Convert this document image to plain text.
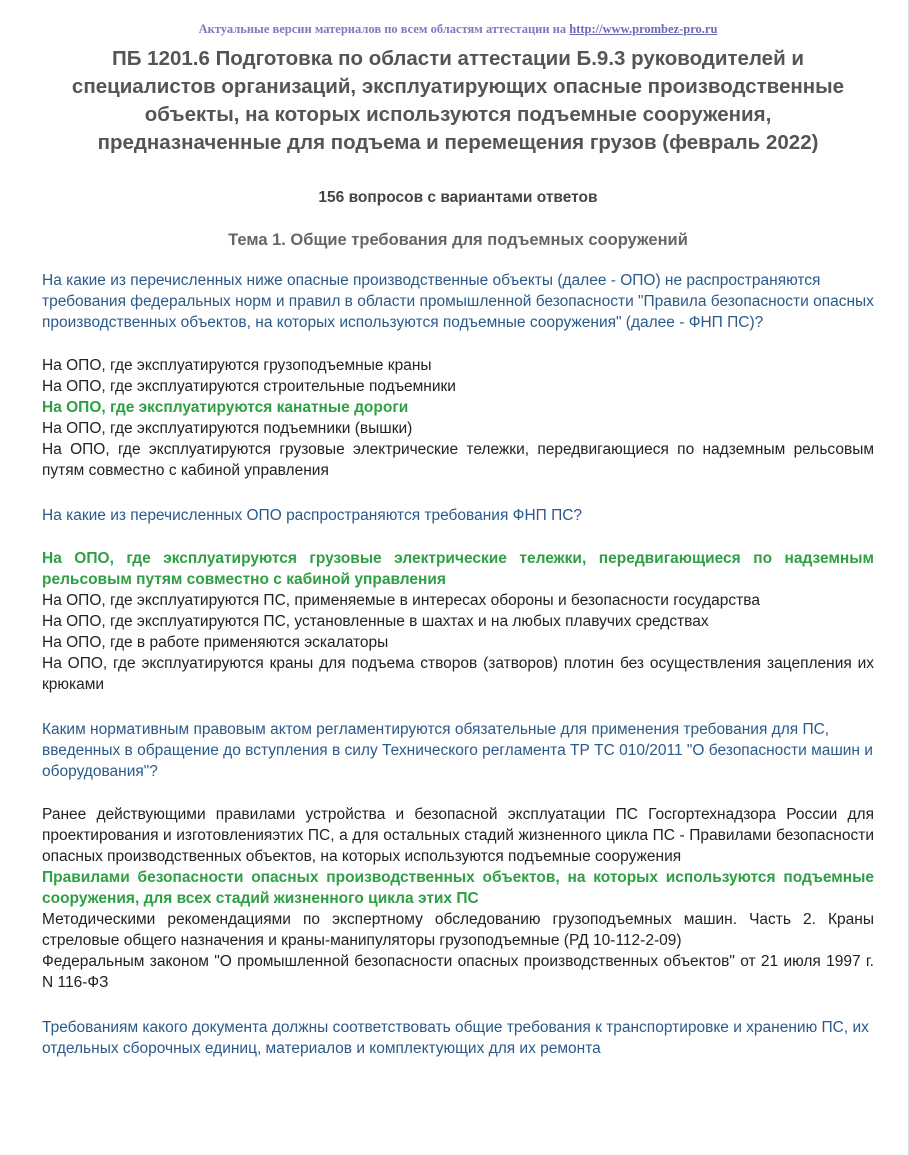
Актуальные версии материалов по всем областям аттестации на http://www.prombez-pro.ru
ПБ 1201.6 Подготовка по области аттестации Б.9.3 руководителей и специалистов организаций, эксплуатирующих опасные производственные объекты, на которых используются подъемные сооружения, предназначенные для подъема и перемещения грузов (февраль 2022)
156 вопросов с вариантами ответов
Тема 1. Общие требования для подъемных сооружений

На какие из перечисленных ниже опасные производственные объекты (далее - ОПО) не распространяются требования федеральных норм и правил в области промышленной безопасности "Правила безопасности опасных производственных объектов, на которых используются подъемные сооружения" (далее - ФНП ПС)?

На ОПО, где эксплуатируются грузоподъемные краны
На ОПО, где эксплуатируются строительные подъемники
На ОПО, где эксплуатируются канатные дороги
На ОПО, где эксплуатируются подъемники (вышки)
На ОПО, где эксплуатируются грузовые электрические тележки, передвигающиеся по надземным рельсовым путям совместно с кабиной управления

На какие из перечисленных ОПО распространяются требования ФНП ПС?

На ОПО, где эксплуатируются грузовые электрические тележки, передвигающиеся по надземным рельсовым путям совместно с кабиной управления
На ОПО, где эксплуатируются ПС, применяемые в интересах обороны и безопасности государства
На ОПО, где эксплуатируются ПС, установленные в шахтах и на любых плавучих средствах
На ОПО, где в работе применяются эскалаторы
На ОПО, где эксплуатируются краны для подъема створов (затворов) плотин без осуществления зацепления их крюками

Каким нормативным правовым актом регламентируются обязательные для применения требования для ПС, введенных в обращение до вступления в силу Технического регламента ТР ТС 010/2011 "О безопасности машин и оборудования"?

Ранее действующими правилами устройства и безопасной эксплуатации ПС Госгортехнадзора России для проектирования и изготовленияэтих ПС, а для остальных стадий жизненного цикла ПС - Правилами безопасности опасных производственных объектов, на которых используются подъемные сооружения
Правилами безопасности опасных производственных объектов, на которых используются подъемные сооружения, для всех стадий жизненного цикла этих ПС
Методическими рекомендациями по экспертному обследованию грузоподъемных машин. Часть 2. Краны стреловые общего назначения и краны-манипуляторы грузоподъемные (РД 10-112-2-09)
Федеральным законом "О промышленной безопасности опасных производственных объектов" от 21 июля 1997 г. N 116-ФЗ

Требованиям какого документа должны соответствовать общие требования к транспортировке и хранению ПС, их отдельных сборочных единиц, материалов и комплектующих для их ремонта
